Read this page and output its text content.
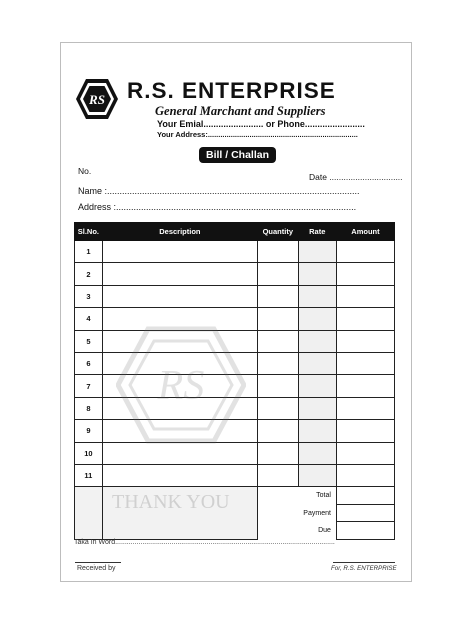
RS R.S. ENTERPRISE
General Marchant and Suppliers
Your Emial........................ or Phone........................
Your Address:........................................................................
Bill / Challan
No.
Date ...............................
Name :.....................................................................................................
Address :................................................................................................
Sl.No.	Description	Quantity	Rate	Amount
1				
2				
3				
4				
5				
6				
7				
8				
9				
10				
11				
		Total		
		Payment		
		Due		
RS
THANK YOU
Taka In Word.................................................................................................................
Received by	For, R.S. ENTERPRISE
